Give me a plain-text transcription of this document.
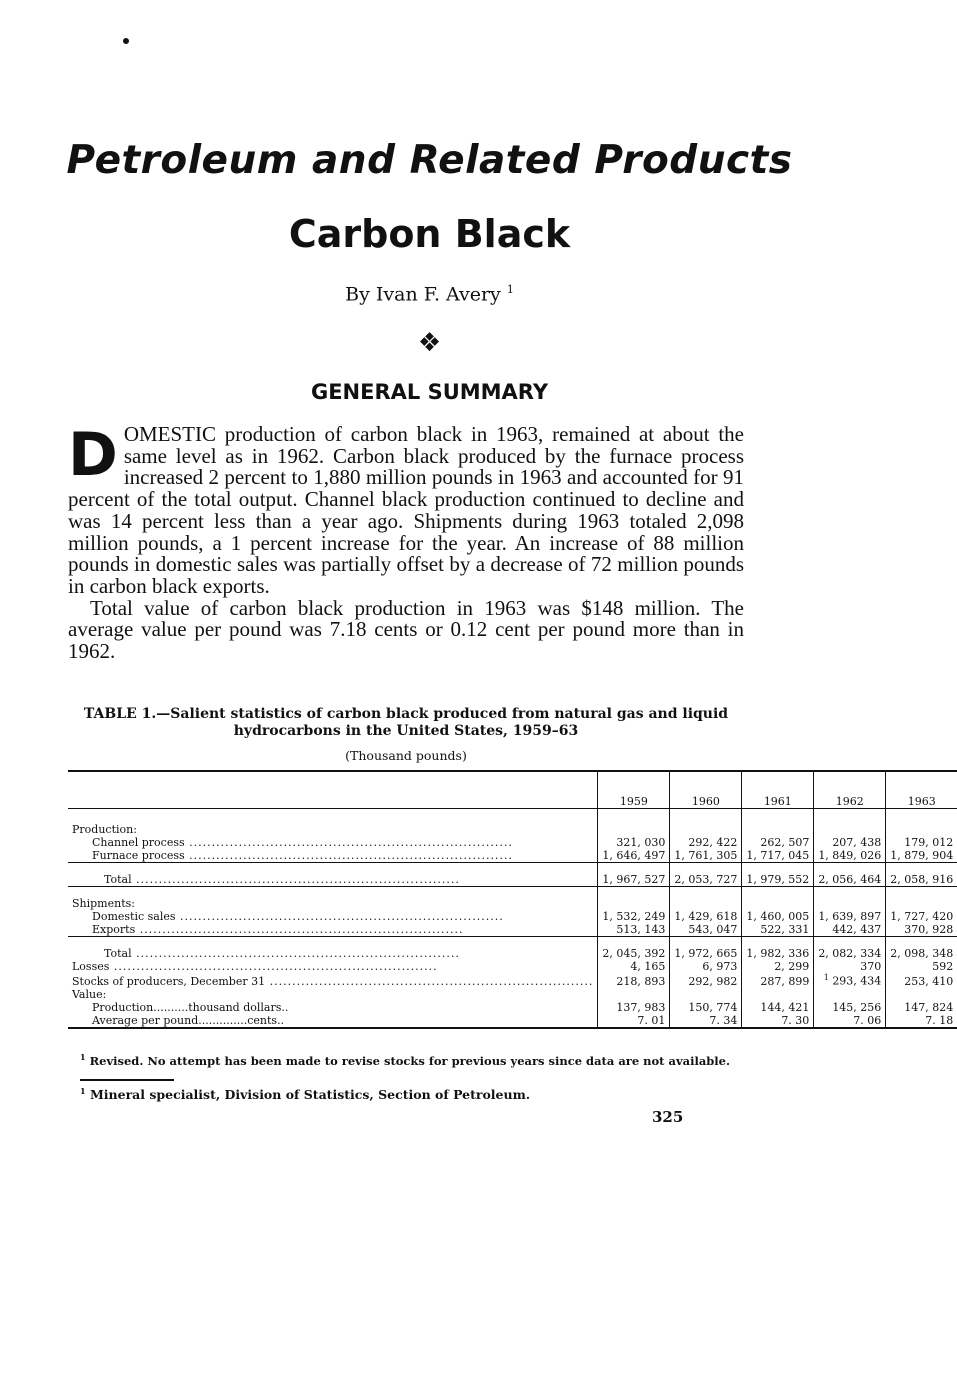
Petroleum and Related Products
Carbon Black
By Ivan F. Avery $^1$
❖
GENERAL SUMMARY

DOMESTIC production of carbon black in 1963, remained at about the same level as in 1962. Carbon black produced by the furnace process increased 2 percent to 1,880 million pounds in 1963 and accounted for 91 percent of the total output. Channel black production continued to decline and was 14 percent less than a year ago. Shipments during 1963 totaled 2,098 million pounds, a 1 percent increase for the year. An increase of 88 million pounds in domestic sales was partially offset by a decrease of 72 million pounds in carbon black exports.

Total value of carbon black production in 1963 was $148 million. The average value per pound was 7.18 cents or 0.12 cent per pound more than in 1962.

TABLE 1.—Salient statistics of carbon black produced from natural gas and liquid hydrocarbons in the United States, 1959–63
(Thousand pounds)
	1959	1960	1961	1962	1963

Production:					
Channel process .....	321, 030	292, 422	262, 507	207, 438	179, 012
Furnace process .....	1, 646, 497	1, 761, 305	1, 717, 045	1, 849, 026	1, 879, 904

Total .....	1, 967, 527	2, 053, 727	1, 979, 552	2, 056, 464	2, 058, 916

Shipments:					
Domestic sales .....	1, 532, 249	1, 429, 618	1, 460, 005	1, 639, 897	1, 727, 420
Exports .....	513, 143	543, 047	522, 331	442, 437	370, 928

Total .....	2, 045, 392	1, 972, 665	1, 982, 336	2, 082, 334	2, 098, 348
Losses .....	4, 165	6, 973	2, 299	370	592
Stocks of producers, December 31 .....	218, 893	292, 982	287, 899	$^1$ 293, 434	253, 410
Value:					
Production..........thousand dollars..	137, 983	150, 774	144, 421	145, 256	147, 824
Average per pound..............cents..	7. 01	7. 34	7. 30	7. 06	7. 18
$^1$ Revised. No attempt has been made to revise stocks for previous years since data are not available.
$^1$ Mineral specialist, Division of Statistics, Section of Petroleum.
325
